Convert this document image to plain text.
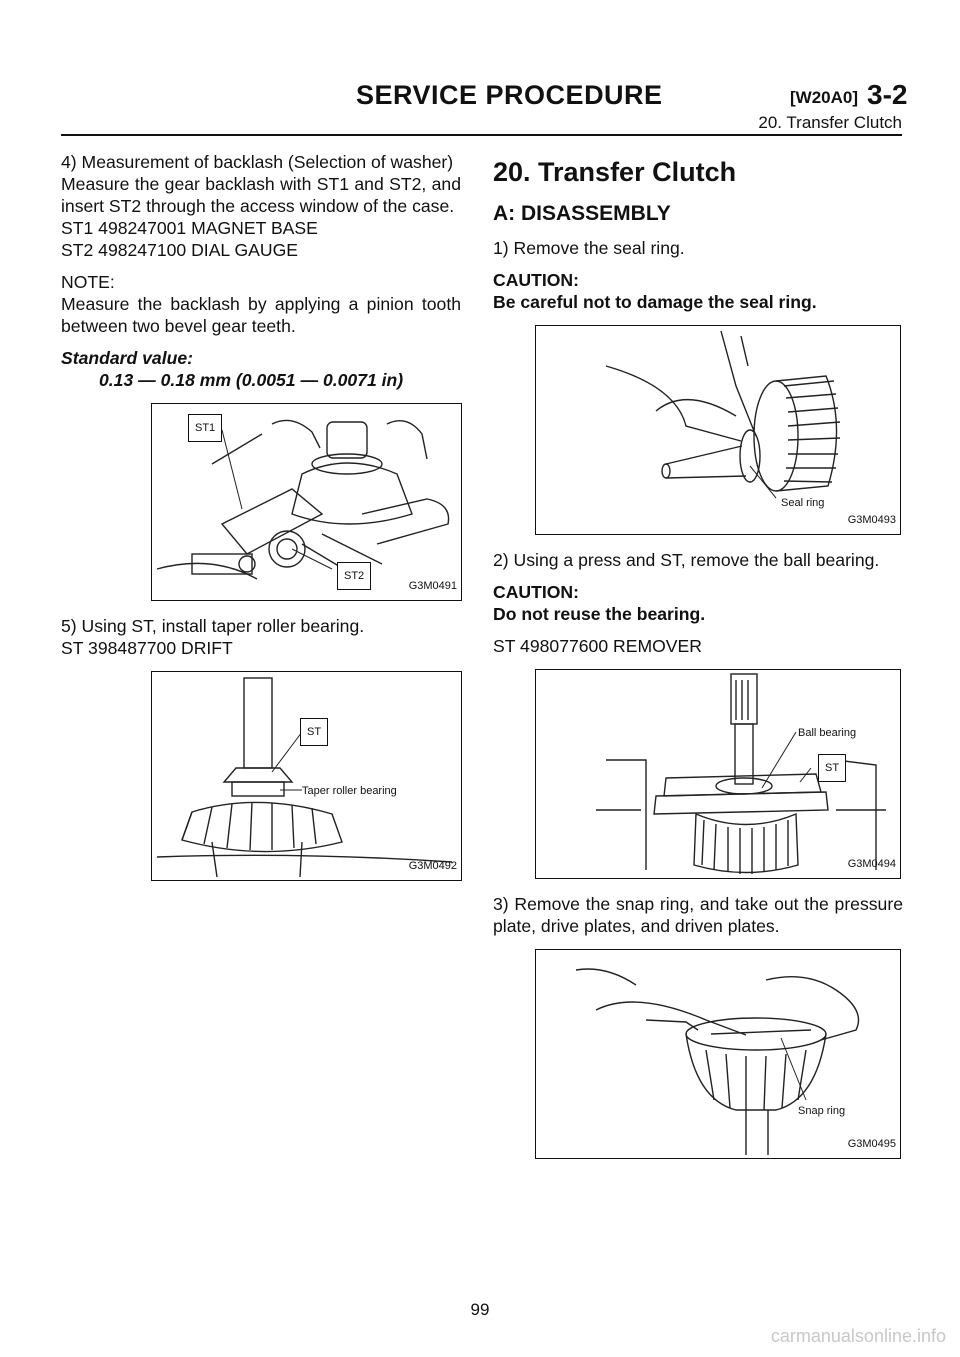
SERVICE PROCEDURE	[W20A0] 3-2
20. Transfer Clutch

4) Measurement of backlash (Selection of washer)
Measure the gear backlash with ST1 and ST2, and insert ST2 through the access window of the case.
ST1 498247001 MAGNET BASE
ST2 498247100 DIAL GAUGE

NOTE:
Measure the backlash by applying a pinion tooth between two bevel gear teeth.

Standard value:
0.13 — 0.18 mm (0.0051 — 0.0071 in)

ST1
ST2
G3M0491

5) Using ST, install taper roller bearing.
ST 398487700 DRIFT

ST
Taper roller bearing
G3M0492
20. Transfer Clutch
A: DISASSEMBLY

1) Remove the seal ring.

CAUTION:
Be careful not to damage the seal ring.

Seal ring
G3M0493

2) Using a press and ST, remove the ball bearing.

CAUTION:
Do not reuse the bearing.

ST 498077600 REMOVER

Ball bearing
ST
G3M0494

3) Remove the snap ring, and take out the pressure plate, drive plates, and driven plates.

Snap ring
G3M0495
99
carmanualsonline.info
